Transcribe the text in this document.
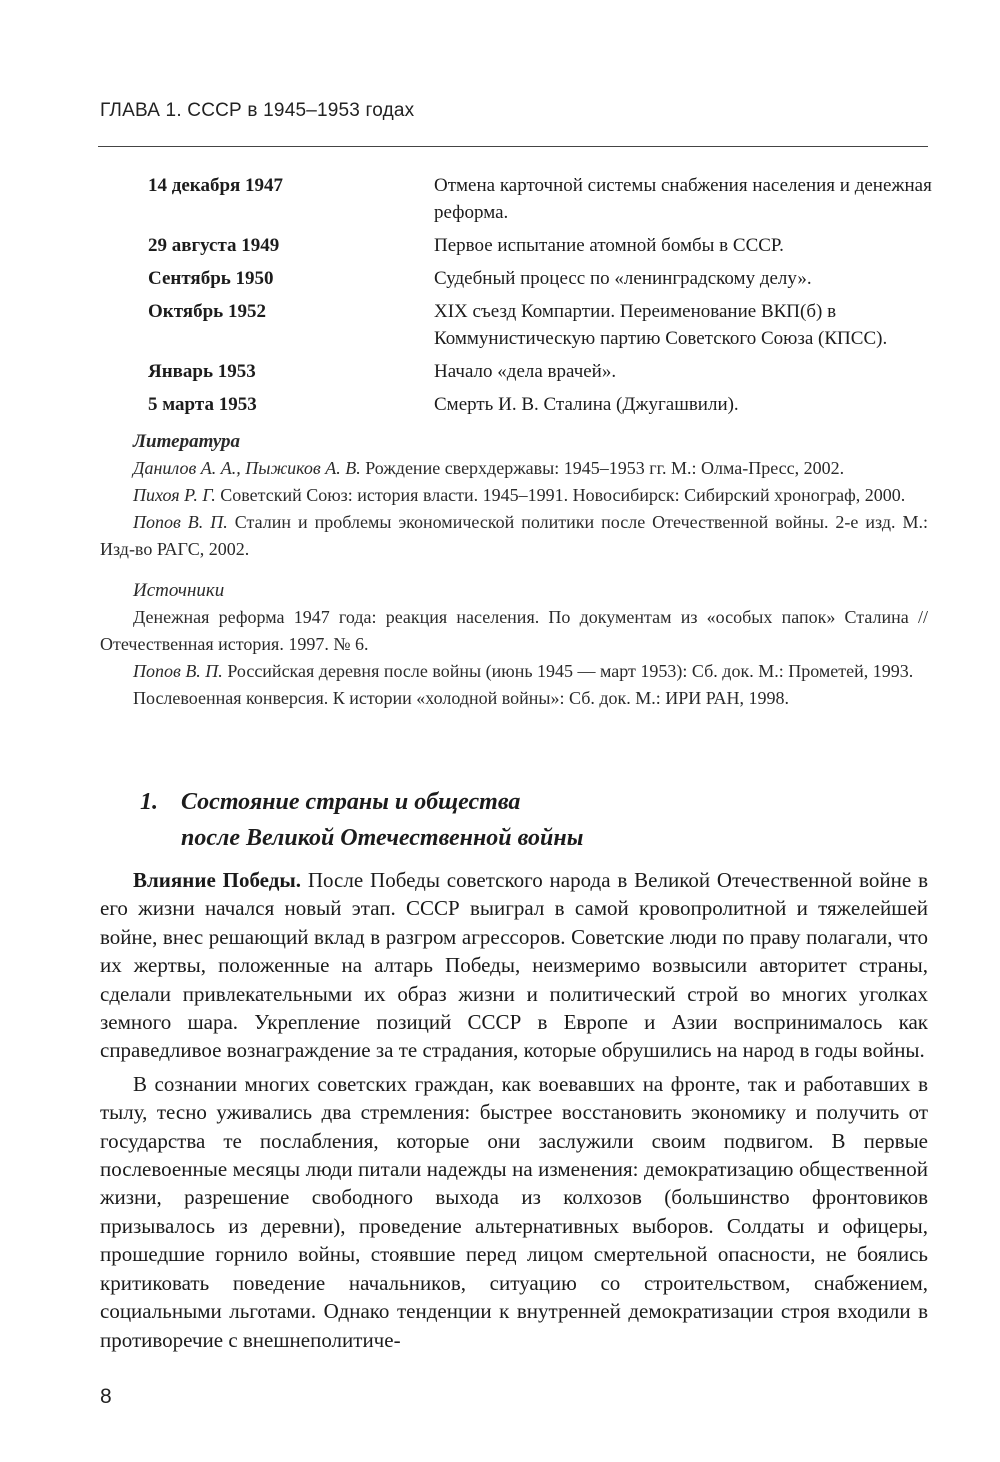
ГЛАВА 1. СССР в 1945–1953 годах
14 декабря 1947	Отмена карточной системы снабжения населения и денежная реформа.
29 августа 1949	Первое испытание атомной бомбы в СССР.
Сентябрь 1950	Судебный процесс по «ленинградскому делу».
Октябрь 1952	XIX съезд Компартии. Переименование ВКП(б) в Коммунистическую партию Советского Союза (КПСС).
Январь 1953	Начало «дела врачей».
5 марта 1953	Смерть И. В. Сталина (Джугашвили).
Литература
Данилов А. А., Пыжиков А. В. Рождение сверхдержавы: 1945–1953 гг. М.: Олма-Пресс, 2002.
Пихоя Р. Г. Советский Союз: история власти. 1945–1991. Новосибирск: Сибирский хронограф, 2000.
Попов В. П. Сталин и проблемы экономической политики после Отечественной войны. 2-е изд. М.: Изд-во РАГС, 2002.
Источники
Денежная реформа 1947 года: реакция населения. По документам из «особых папок» Сталина // Отечественная история. 1997. № 6.
Попов В. П. Российская деревня после войны (июнь 1945 — март 1953): Сб. док. М.: Прометей, 1993.
Послевоенная конверсия. К истории «холодной войны»: Сб. док. М.: ИРИ РАН, 1998.
1. Состояние страны и общества
после Великой Отечественной войны

Влияние Победы. После Победы советского народа в Великой Отечественной войне в его жизни начался новый этап. СССР выиграл в самой кровопролитной и тяжелейшей войне, внес решающий вклад в разгром агрессоров. Советские люди по праву полагали, что их жертвы, положенные на алтарь Победы, неизмеримо возвысили авторитет страны, сделали привлекательными их образ жизни и политический строй во многих уголках земного шара. Укрепление позиций СССР в Европе и Азии воспринималось как справедливое вознаграждение за те страдания, которые обрушились на народ в годы войны.

В сознании многих советских граждан, как воевавших на фронте, так и работавших в тылу, тесно уживались два стремления: быстрее восстановить экономику и получить от государства те послабления, которые они заслужили своим подвигом. В первые послевоенные месяцы люди питали надежды на изменения: демократизацию общественной жизни, разрешение свободного выхода из колхозов (большинство фронтовиков призывалось из деревни), проведение альтернативных выборов. Солдаты и офицеры, прошедшие горнило войны, стоявшие перед лицом смертельной опасности, не боялись критиковать поведение начальников, ситуацию со строительством, снабжением, социальными льготами. Однако тенденции к внутренней демократизации строя входили в противоречие с внешнеполитиче-

8
